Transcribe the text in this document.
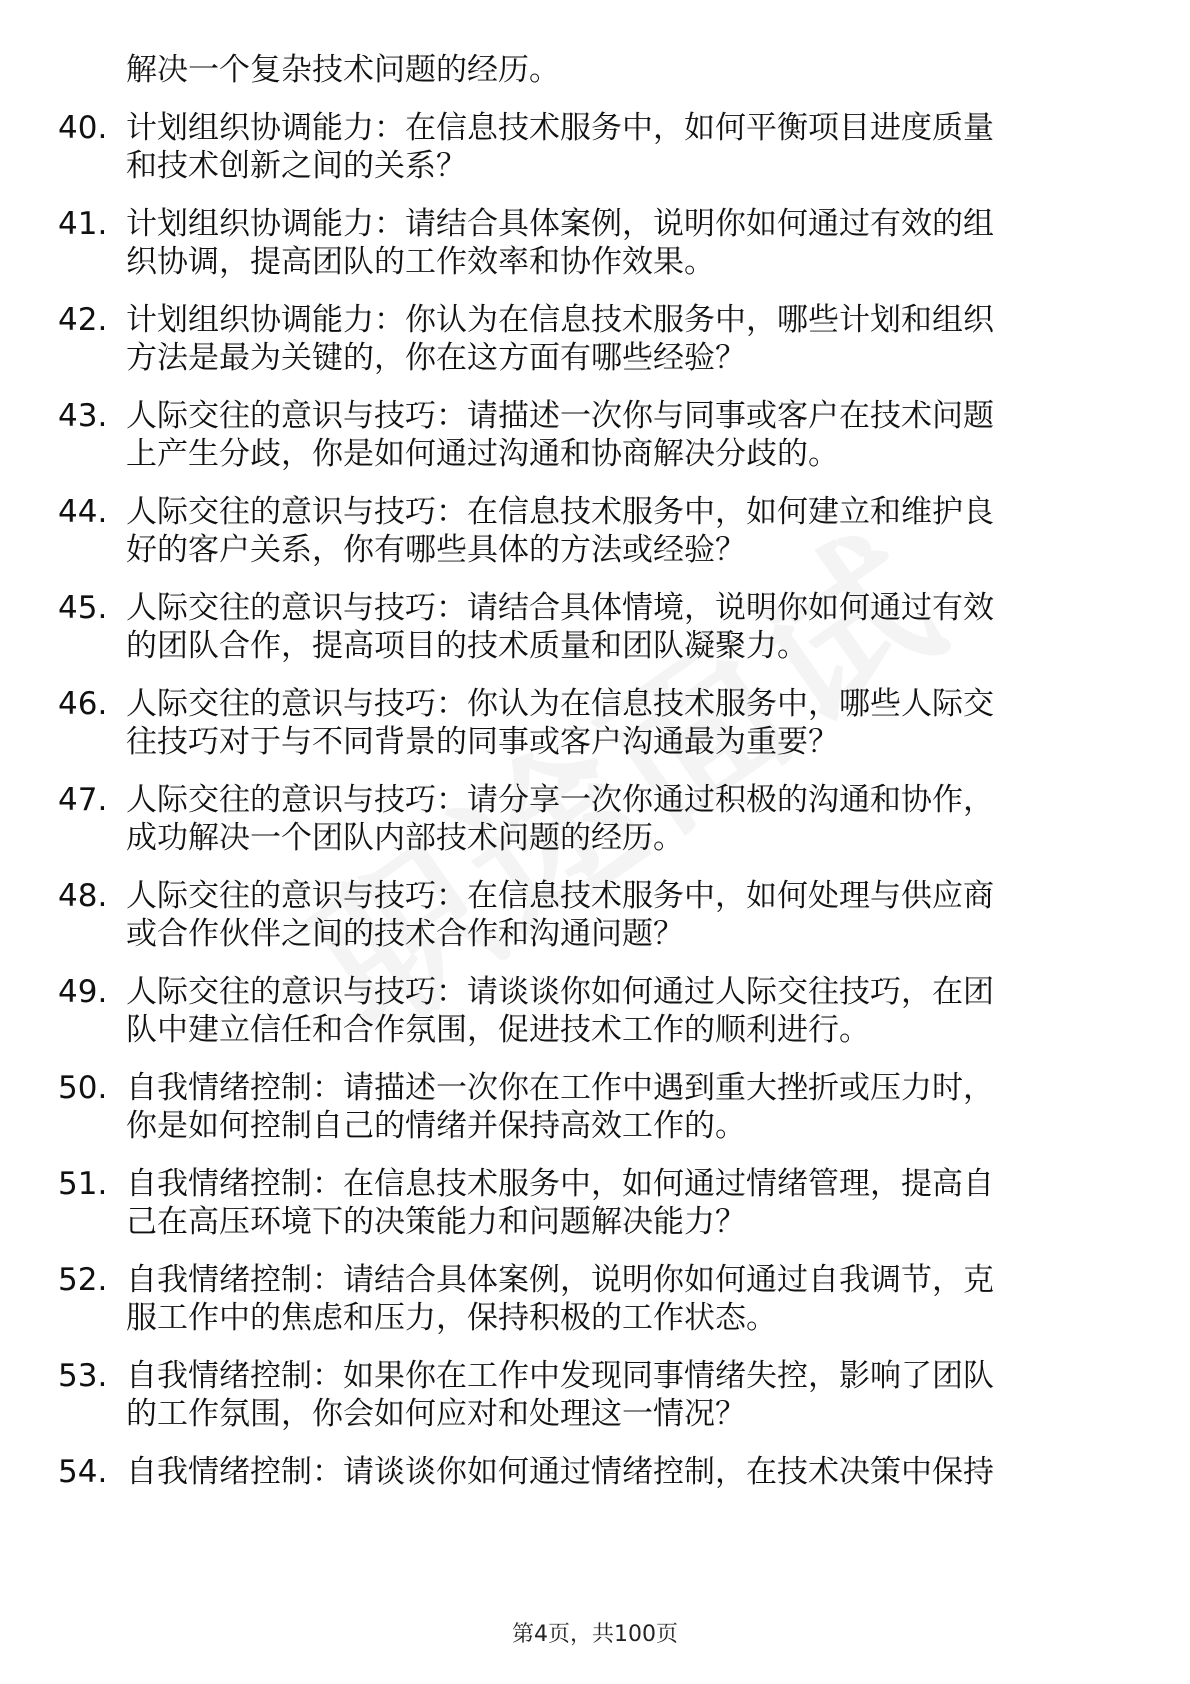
解决一个复杂技术问题的经历。
40. 计划组织协调能力：在信息技术服务中，如何平衡项目进度质量
和技术创新之间的关系？
41. 计划组织协调能力：请结合具体案例，说明你如何通过有效的组
织协调，提高团队的工作效率和协作效果。
42. 计划组织协调能力：你认为在信息技术服务中，哪些计划和组织
方法是最为关键的，你在这方面有哪些经验？
43. 人际交往的意识与技巧：请描述一次你与同事或客户在技术问题
上产生分歧，你是如何通过沟通和协商解决分歧的。
44. 人际交往的意识与技巧：在信息技术服务中，如何建立和维护良
好的客户关系，你有哪些具体的方法或经验？
45. 人际交往的意识与技巧：请结合具体情境，说明你如何通过有效
的团队合作，提高项目的技术质量和团队凝聚力。
46. 人际交往的意识与技巧：你认为在信息技术服务中，哪些人际交
往技巧对于与不同背景的同事或客户沟通最为重要？
47. 人际交往的意识与技巧：请分享一次你通过积极的沟通和协作，
成功解决一个团队内部技术问题的经历。
48. 人际交往的意识与技巧：在信息技术服务中，如何处理与供应商
或合作伙伴之间的技术合作和沟通问题？
49. 人际交往的意识与技巧：请谈谈你如何通过人际交往技巧，在团
队中建立信任和合作氛围，促进技术工作的顺利进行。
50. 自我情绪控制：请描述一次你在工作中遇到重大挫折或压力时，
你是如何控制自己的情绪并保持高效工作的。
51. 自我情绪控制：在信息技术服务中，如何通过情绪管理，提高自
己在高压环境下的决策能力和问题解决能力？
52. 自我情绪控制：请结合具体案例，说明你如何通过自我调节，克
服工作中的焦虑和压力，保持积极的工作状态。
53. 自我情绪控制：如果你在工作中发现同事情绪失控，影响了团队
的工作氛围，你会如何应对和处理这一情况？
54. 自我情绪控制：请谈谈你如何通过情绪控制，在技术决策中保持
第4页，共100页
